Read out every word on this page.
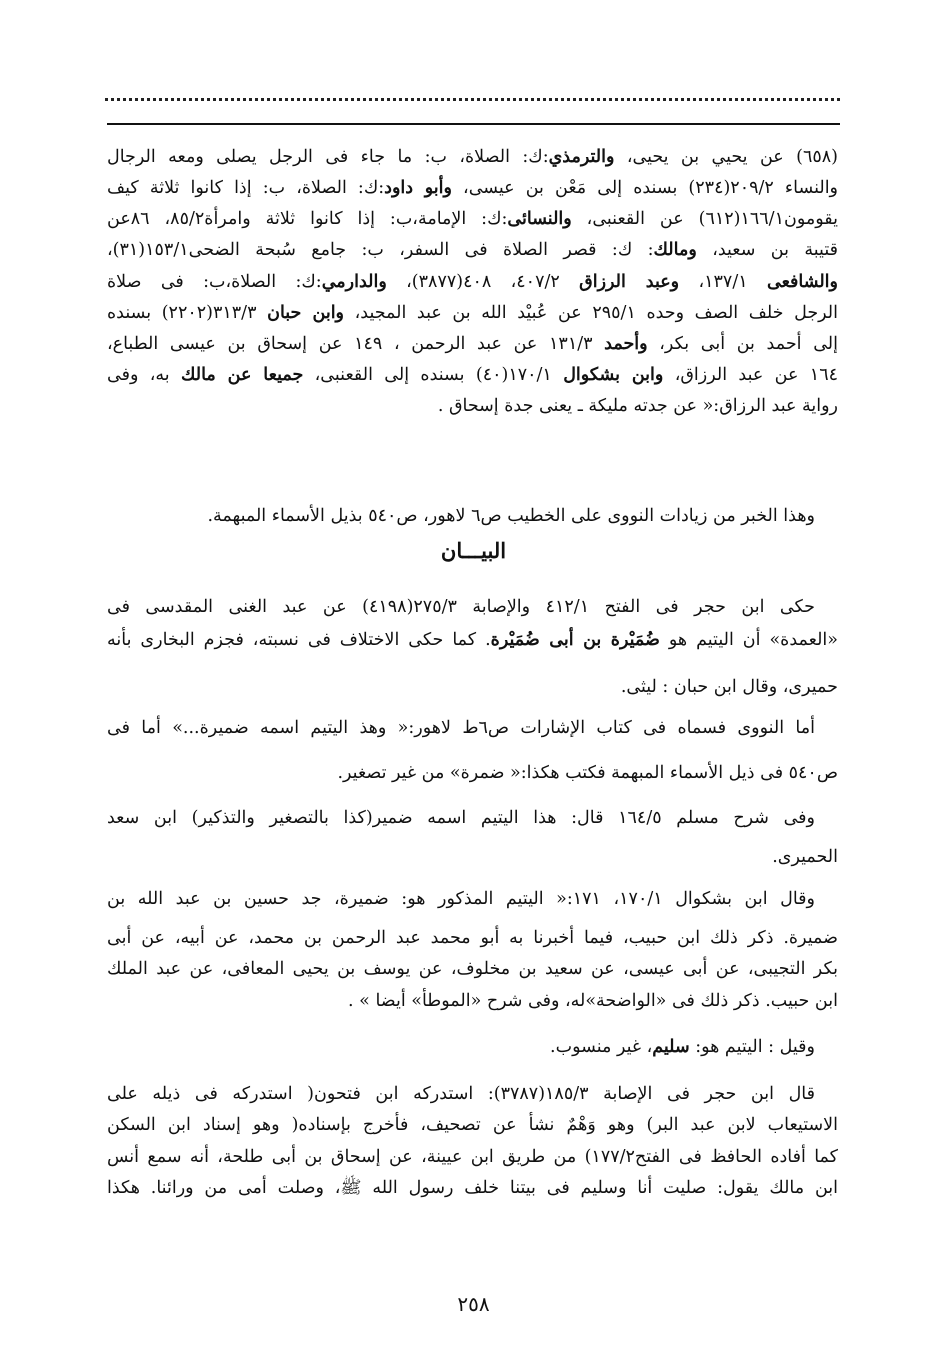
(٦٥٨) عن يحيي بن يحيى، والترمذي:ك: الصلاة، ب: ما جاء فى الرجل يصلى ومعه الرجال
والنساء ٢٠٩/٢(٢٣٤) بسنده إلى مَعْن بن عيسى، وأبو داود:ك: الصلاة، ب: إذا كانوا ثلاثة كيف
يقومون١٦٦/١(٦١٢) عن القعنبى، والنسائى:ك: الإمامة،ب: إذا كانوا ثلاثة وامرأة٨٥/٢، ٨٦عن
قتيبة بن سعيد، ومالك: ك: قصر الصلاة فى السفر، ب: جامع سُبحة الضحى١٥٣/١(٣١)،
والشافعى ١٣٧/١، وعبد الرزاق ٤٠٧/٢، ٤٠٨(٣٨٧٧)، والدارمي:ك: الصلاة،ب: فى صلاة
الرجل خلف الصف وحده ٢٩٥/١ عن عُبيْد الله بن عبد المجيد، وابن حبان ٣١٣/٣(٢٢٠٢) بسنده
إلى أحمد بن أبى بكر، وأحمد ١٣١/٣ عن عبد الرحمن ، ١٤٩ عن إسحاق بن عيسى الطباع،
١٦٤ عن عبد الرزاق، وابن بشكوال ١٧٠/١(٤٠) بسنده إلى القعنبى، جميعا عن مالك به، وفى
رواية عبد الرزاق:« عن جدته مليكة ـ يعنى جدة إسحاق .
وهذا الخبر من زيادات النووى على الخطيب ص٦ لاهور، ص٥٤٠ بذيل الأسماء المبهمة.
حكى ابن حجر فى الفتح ٤١٢/١ والإصابة ٢٧٥/٣(٤١٩٨) عن عبد الغنى المقدسى فى
«العمدة» أن اليتيم هو ضُمَيْرة بن أبى ضُمَيْرة. كما حكى الاختلاف فى نسبته، فجزم البخارى بأنه
حميرى، وقال ابن حبان : ليثى.
أما النووى فسماه فى كتاب الإشارات ص٦ط لاهور:« وهذ اليتيم اسمه ضميرة...» أما فى
ص٥٤٠ فى ذيل الأسماء المبهمة فكتب هكذا:« ضمرة» من غير تصغير.
وفى شرح مسلم ١٦٤/٥ قال: هذا اليتيم اسمه ضمير(كذا بالتصغير والتذكير) ابن سعد
الحميرى.
وقال ابن بشكوال ١٧٠/١، ١٧١:« اليتيم المذكور هو: ضميرة، جد حسين بن عبد الله بن
ضميرة. ذكر ذلك ابن حبيب، فيما أخبرنا به أبو محمد عبد الرحمن بن محمد، عن أبيه، عن أبى
بكر التجيبى، عن أبى عيسى، عن سعيد بن مخلوف، عن يوسف بن يحيى المعافى، عن عبد الملك
ابن حبيب. ذكر ذلك فى «الواضحة»له، وفى شرح «الموطأ» أيضا » .
وقيل : اليتيم هو: سليم، غير منسوب.
قال ابن حجر فى الإصابة ١٨٥/٣(٣٧٨٧): استدركه ابن فتحون( استدركه فى ذيله على
الاستيعاب لابن عبد البر) وهو وَهْمٌ نشأ عن تصحيف، فأخرج بإسناده( وهو إسناد ابن السكن
كما أفاده الحافظ فى الفتح١٧٧/٢) من طريق ابن عيينة، عن إسحاق بن أبى طلحة، أنه سمع أنس
ابن مالك يقول: صليت أنا وسليم فى بيتنا خلف رسول الله ﷺ، وصلت أمى من ورائنا. هكذا
البيـــان
٢٥٨
